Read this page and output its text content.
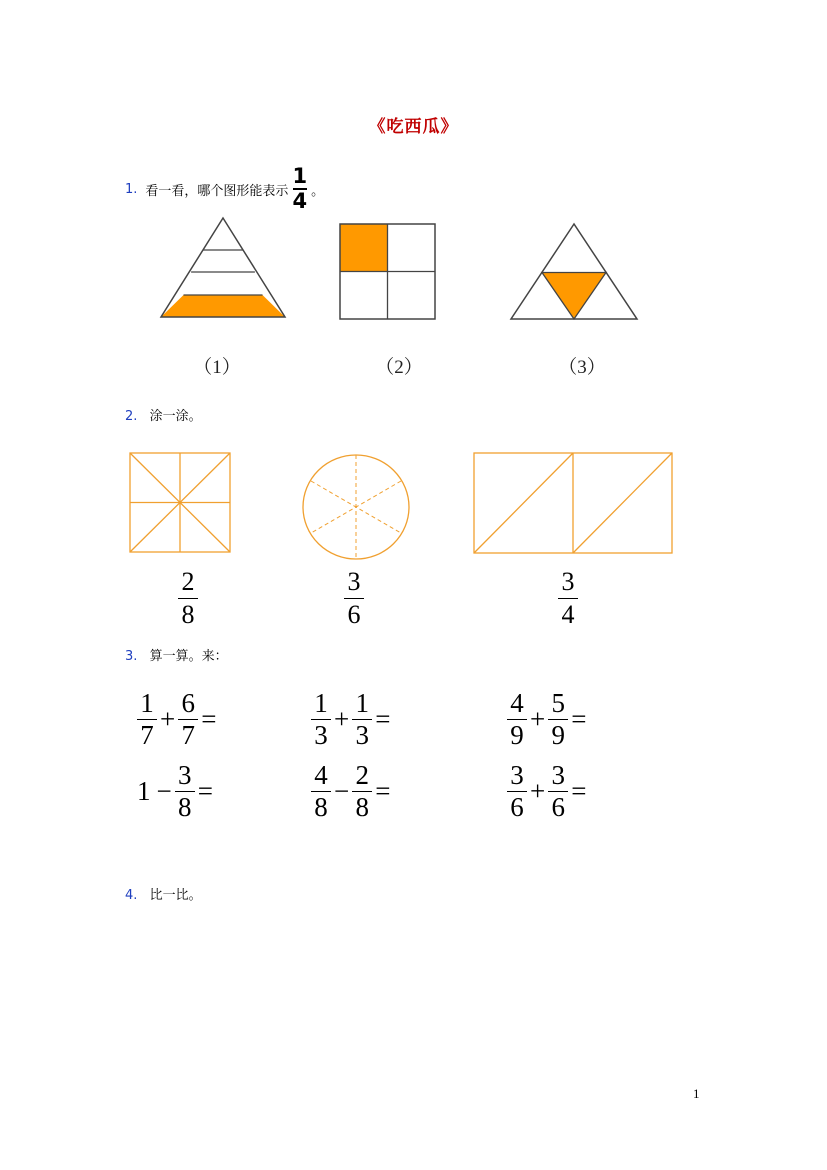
《吃西瓜》
1 . 看一看，哪个图形能表示 $\frac{1}{4}$ 。
（1）	（2）	（3）
2. 涂一涂。
2
8
3
6
3
4
3. 算一算。来：
$\frac{1}{7} + \frac{6}{7}$ =	$\frac{1}{3} + \frac{1}{3}$ =	$\frac{4}{9} + \frac{5}{9}$ =
$1 - \frac{3}{8}$ =	$\frac{4}{8} - \frac{2}{8}$ =	$\frac{3}{6} + \frac{3}{6}$ =
4. 比一比。
1
